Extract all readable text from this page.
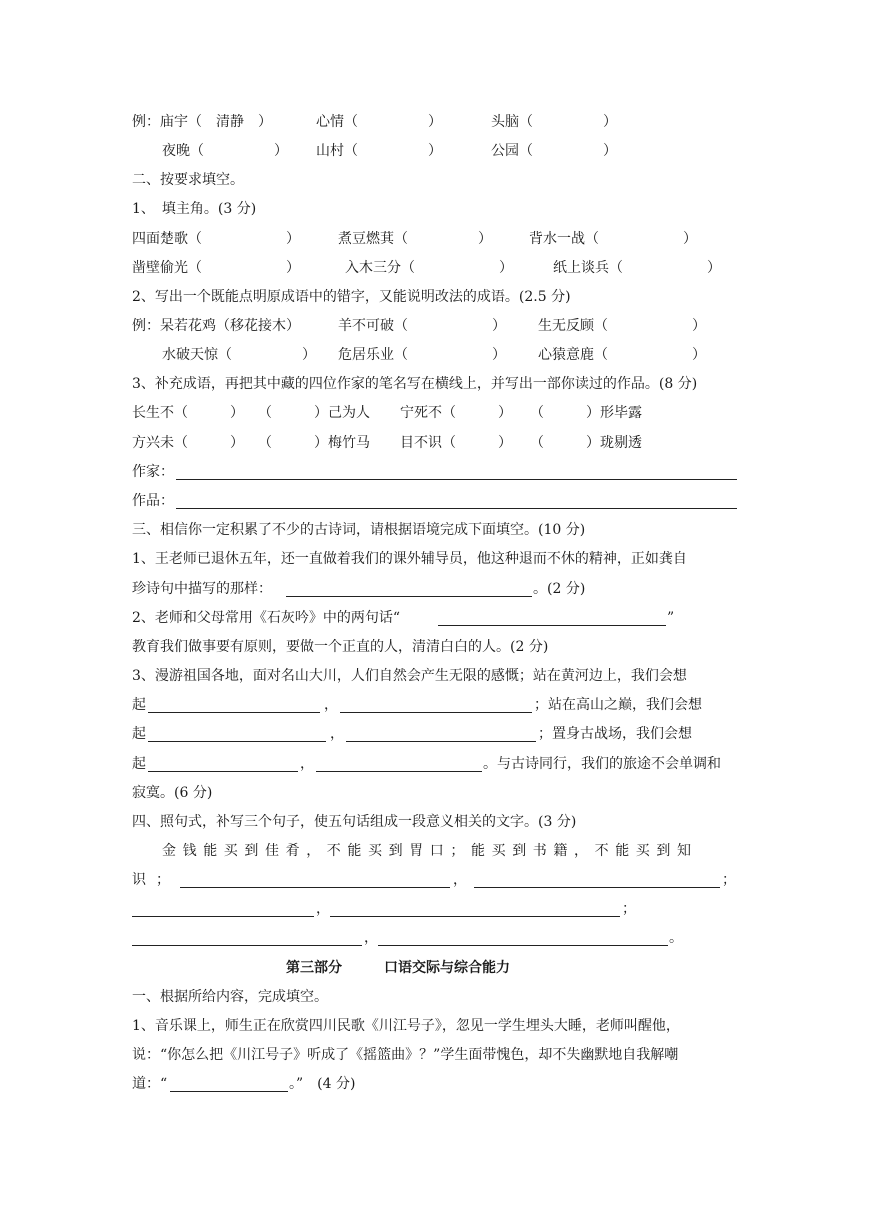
例：庙宇（　清静　）	心情（　　　　　）	头脑（　　　　　）
夜晚（　　　　　） 山村（　　　　　）	公园（　　　　　）
二、按要求填空。
1、　填主角。(3 分)
四面楚歌（　　　　　　）	煮豆燃萁（　　　　　）	背水一战（　　　　　　）
凿壁偷光（　　　　　　）	入木三分（　　　　　　）	纸上谈兵（　　　　　　）
2、写出一个既能点明原成语中的错字，又能说明改法的成语。(2.5 分)
例：呆若花鸡（移花接木）	羊不可破（　　　　　　） 生无反顾（　　　　　　）
水破天惊（　　　　　） 危居乐业（　　　　　　） 心猿意鹿（　　　　　　）
3、补充成语，再把其中藏的四位作家的笔名写在横线上，并写出一部你读过的作品。(8 分)
长生不（　　　） （　　　）己为人 宁死不（　　　） （　　　）形毕露
方兴未（　　　） （　　　）梅竹马 目不识（　　　） （　　　）珑剔透
作家：
作品：
三、相信你一定积累了不少的古诗词，请根据语境完成下面填空。(10 分)
1、王老师已退休五年，还一直做着我们的课外辅导员，他这种退而不休的精神，正如龚自
珍诗句中描写的那样：	。(2 分)
2、老师和父母常用《石灰吟》中的两句话“	”
教育我们做事要有原则，要做一个正直的人，清清白白的人。(2 分)
3、漫游祖国各地，面对名山大川，人们自然会产生无限的感慨；站在黄河边上，我们会想
起	，	；站在高山之巅，我们会想
起	，	；置身古战场，我们会想
起	，	。与古诗同行，我们的旅途不会单调和
寂寞。(6 分)
四、照句式，补写三个句子，使五句话组成一段意义相关的文字。(3 分)
金钱能买到佳肴，不能买到胃口；能买到书籍，不能买到知
识；	，	；
，	；
，	。
第三部分　　　口语交际与综合能力
一、根据所给内容，完成填空。
1、音乐课上，师生正在欣赏四川民歌《川江号子》，忽见一学生埋头大睡，老师叫醒他，
说：“你怎么把《川江号子》听成了《摇篮曲》？”学生面带愧色，却不失幽默地自我解嘲
道：“	。”　(4 分)
